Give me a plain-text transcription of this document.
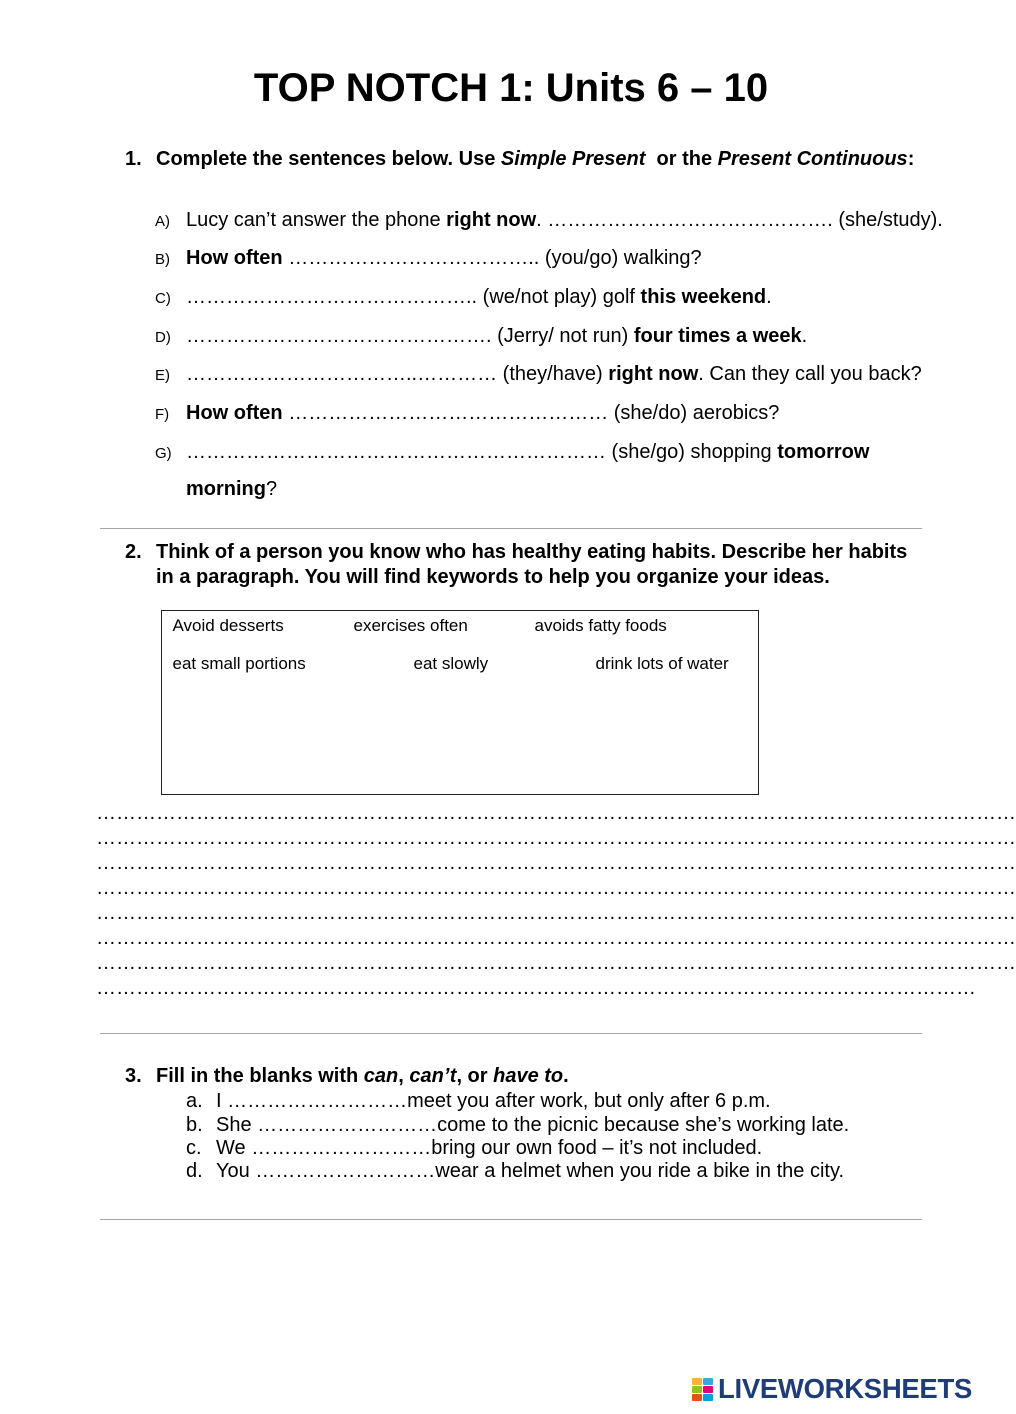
TOP NOTCH 1: Units 6 – 10
1. Complete the sentences below. Use Simple Present  or the Present Continuous:
A) Lucy can’t answer the phone right now. ……………………………………. (she/study).
B) How often ……………………………….. (you/go) walking?
C) …………………………………….. (we/not play) golf this weekend.
D) ………………………………………. (Jerry/ not run) four times a week.
E) ……………………………..………… (they/have) right now. Can they call you back?
F) How often ………………………………………… (she/do) aerobics?
G) ……………………………………………………… (she/go) shopping tomorrow morning?
2. Think of a person you know who has healthy eating habits. Describe her habits
in a paragraph. You will find keywords to help you organize your ideas.
Avoid desserts	exercises often	avoids fatty foods
eat small portions	eat slowly	drink lots of water
…………………………………………………………………………………………………………………………
…………………………………………………………………………………………………………………………
…………………………………………………………………………………………………………………………
…………………………………………………………………………………………………………………………
…………………………………………………………………………………………………………………………
…………………………………………………………………………………………………………………………
…………………………………………………………………………………………………………………………
……………………………………………………………………………………………………………………
3. Fill in the blanks with can, can’t, or have to.
a. I ………………………meet you after work, but only after 6 p.m.
b. She ………………………come to the picnic because she’s working late.
c. We ………………………bring our own food – it’s not included.
d. You ………………………wear a helmet when you ride a bike in the city.
LIVEWORKSHEETS
